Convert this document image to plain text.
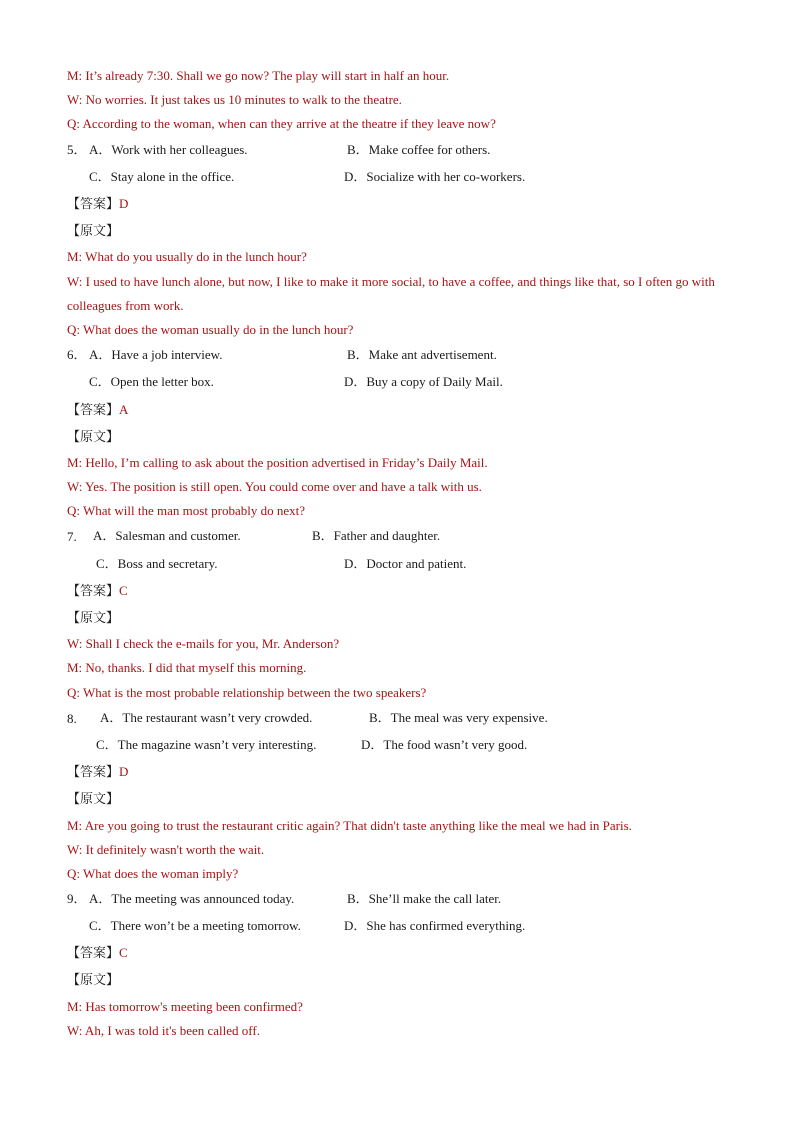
M: It’s already 7:30. Shall we go now? The play will start in half an hour.
W: No worries. It just takes us 10 minutes to walk to the theatre.
Q: According to the woman, when can they arrive at the theatre if they leave now?
5． A．Work with her colleagues.	B．Make coffee for others.
C．Stay alone in the office.	D．Socialize with her co-workers.
【答案】D
【原文】
M: What do you usually do in the lunch hour?
W: I used to have lunch alone, but now, I like to make it more social, to have a coffee, and things like that, so I often go with colleagues from work.
Q: What does the woman usually do in the lunch hour?
6． A．Have a job interview.	B．Make ant advertisement.
C．Open the letter box.	D．Buy a copy of Daily Mail.
【答案】A
【原文】
M: Hello, I’m calling to ask about the position advertised in Friday’s Daily Mail.
W: Yes. The position is still open. You could come over and have a talk with us.
Q: What will the man most probably do next?
7. A．Salesman and customer.	B．Father and daughter.
C．Boss and secretary.	D．Doctor and patient.
【答案】C
【原文】
W: Shall I check the e-mails for you, Mr. Anderson?
M: No, thanks. I did that myself this morning.
Q: What is the most probable relationship between the two speakers?
8. A．The restaurant wasn’t very crowded.	B．The meal was very expensive.
C．The magazine wasn’t very interesting.	D．The food wasn’t very good.
【答案】D
【原文】
M: Are you going to trust the restaurant critic again? That didn't taste anything like the meal we had in Paris.
W: It definitely wasn't worth the wait.
Q: What does the woman imply?
9． A．The meeting was announced today.	B．She’ll make the call later.
C．There won’t be a meeting tomorrow.	D．She has confirmed everything.
【答案】C
【原文】
M: Has tomorrow's meeting been confirmed?
W: Ah, I was told it's been called off.
